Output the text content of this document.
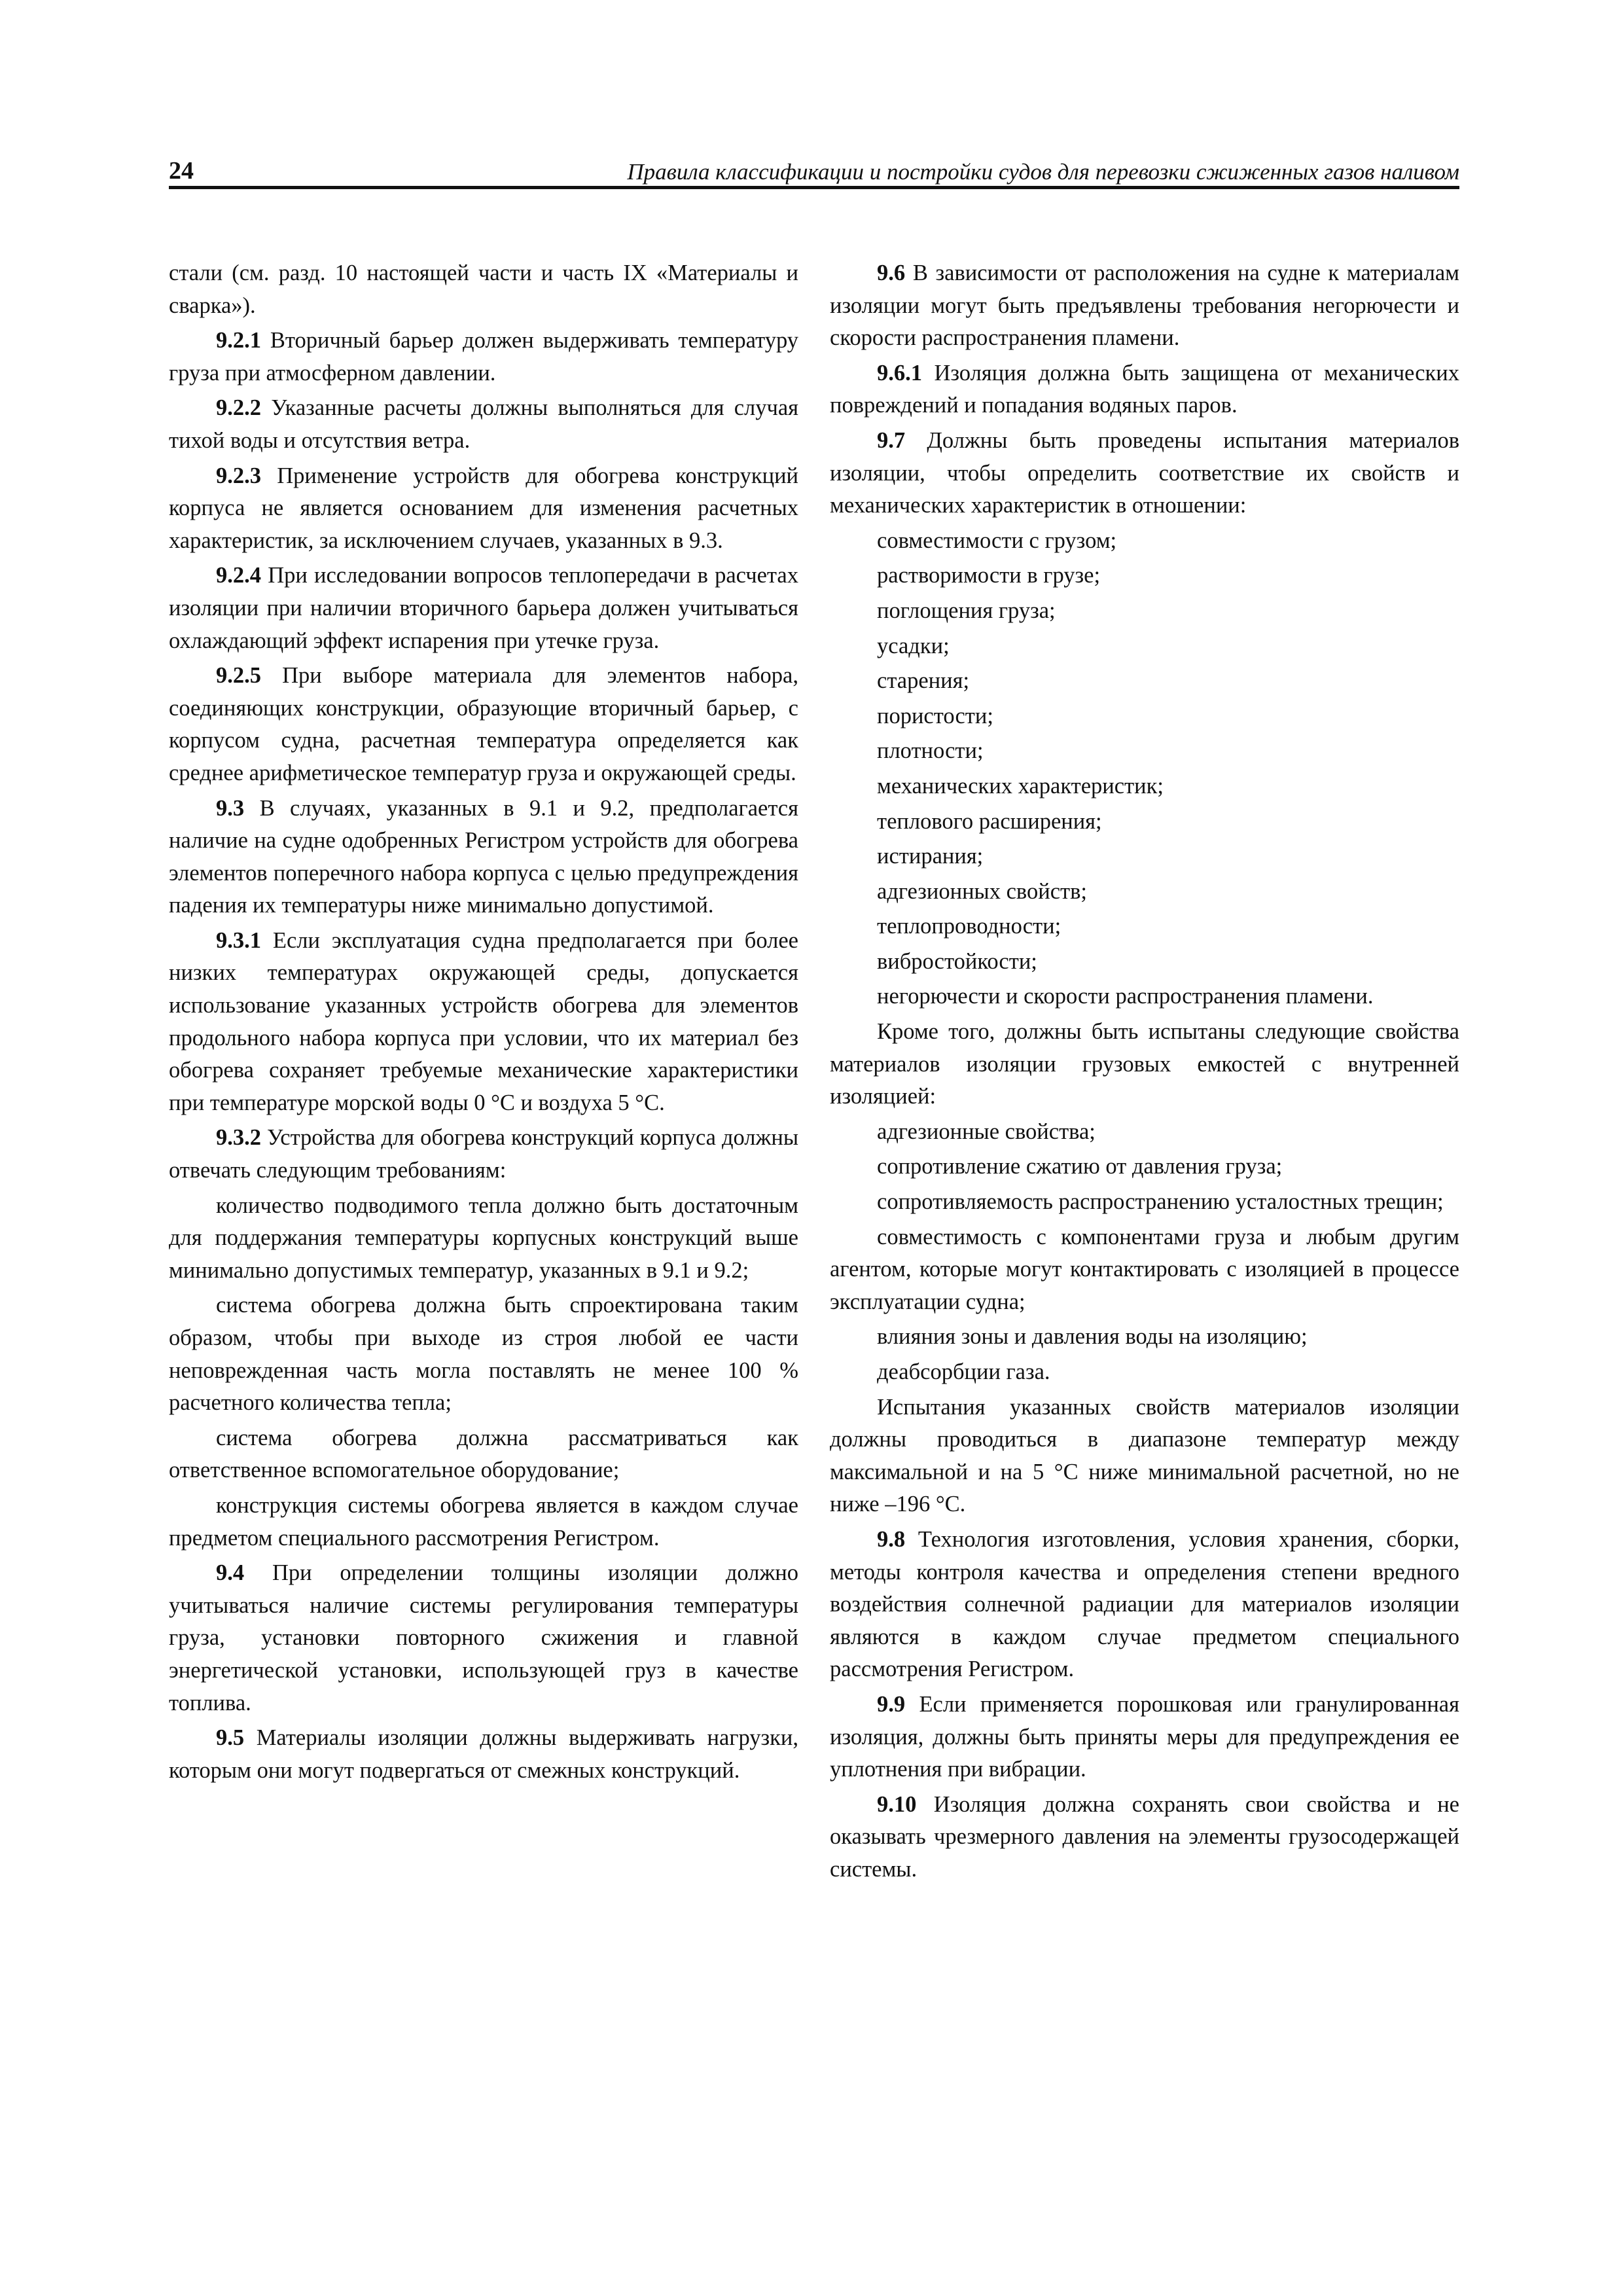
24	Правила классификации и постройки судов для перевозки сжиженных газов наливом

стали (см. разд. 10 настоящей части и часть IX «Материалы и сварка»).

9.2.1 Вторичный барьер должен выдерживать температуру груза при атмосферном давлении.

9.2.2 Указанные расчеты должны выполняться для случая тихой воды и отсутствия ветра.

9.2.3 Применение устройств для обогрева конструкций корпуса не является основанием для изменения расчетных характеристик, за исключением случаев, указанных в 9.3.

9.2.4 При исследовании вопросов теплопередачи в расчетах изоляции при наличии вторичного барьера должен учитываться охлаждающий эффект испарения при утечке груза.

9.2.5 При выборе материала для элементов набора, соединяющих конструкции, образующие вторичный барьер, с корпусом судна, расчетная температура определяется как среднее арифметическое температур груза и окружающей среды.

9.3 В случаях, указанных в 9.1 и 9.2, предполагается наличие на судне одобренных Регистром устройств для обогрева элементов поперечного набора корпуса с целью предупреждения падения их температуры ниже минимально допустимой.

9.3.1 Если эксплуатация судна предполагается при более низких температурах окружающей среды, допускается использование указанных устройств обогрева для элементов продольного набора корпуса при условии, что их материал без обогрева сохраняет требуемые механические характеристики при температуре морской воды 0 °С и воздуха 5 °С.

9.3.2 Устройства для обогрева конструкций корпуса должны отвечать следующим требованиям:

количество подводимого тепла должно быть достаточным для поддержания температуры корпусных конструкций выше минимально допустимых температур, указанных в 9.1 и 9.2;

система обогрева должна быть спроектирована таким образом, чтобы при выходе из строя любой ее части неповрежденная часть могла поставлять не менее 100 % расчетного количества тепла;

система обогрева должна рассматриваться как ответственное вспомогательное оборудование;

конструкция системы обогрева является в каждом случае предметом специального рассмотрения Регистром.

9.4 При определении толщины изоляции должно учитываться наличие системы регулирования температуры груза, установки повторного сжижения и главной энергетической установки, использующей груз в качестве топлива.

9.5 Материалы изоляции должны выдерживать нагрузки, которым они могут подвергаться от смежных конструкций.

9.6 В зависимости от расположения на судне к материалам изоляции могут быть предъявлены требования негорючести и скорости распространения пламени.

9.6.1 Изоляция должна быть защищена от механических повреждений и попадания водяных паров.

9.7 Должны быть проведены испытания материалов изоляции, чтобы определить соответствие их свойств и механических характеристик в отношении:

совместимости с грузом;

растворимости в грузе;

поглощения груза;

усадки;

старения;

пористости;

плотности;

механических характеристик;

теплового расширения;

истирания;

адгезионных свойств;

теплопроводности;

вибростойкости;

негорючести и скорости распространения пламени.

Кроме того, должны быть испытаны следующие свойства материалов изоляции грузовых емкостей с внутренней изоляцией:

адгезионные свойства;

сопротивление сжатию от давления груза;

сопротивляемость распространению усталостных трещин;

совместимость с компонентами груза и любым другим агентом, которые могут контактировать с изоляцией в процессе эксплуатации судна;

влияния зоны и давления воды на изоляцию;

деабсорбции газа.

Испытания указанных свойств материалов изоляции должны проводиться в диапазоне температур между максимальной и на 5 °С ниже минимальной расчетной, но не ниже –196 °С.

9.8 Технология изготовления, условия хранения, сборки, методы контроля качества и определения степени вредного воздействия солнечной радиации для материалов изоляции являются в каждом случае предметом специального рассмотрения Регистром.

9.9 Если применяется порошковая или гранулированная изоляция, должны быть приняты меры для предупреждения ее уплотнения при вибрации.

9.10 Изоляция должна сохранять свои свойства и не оказывать чрезмерного давления на элементы грузосодержащей системы.
